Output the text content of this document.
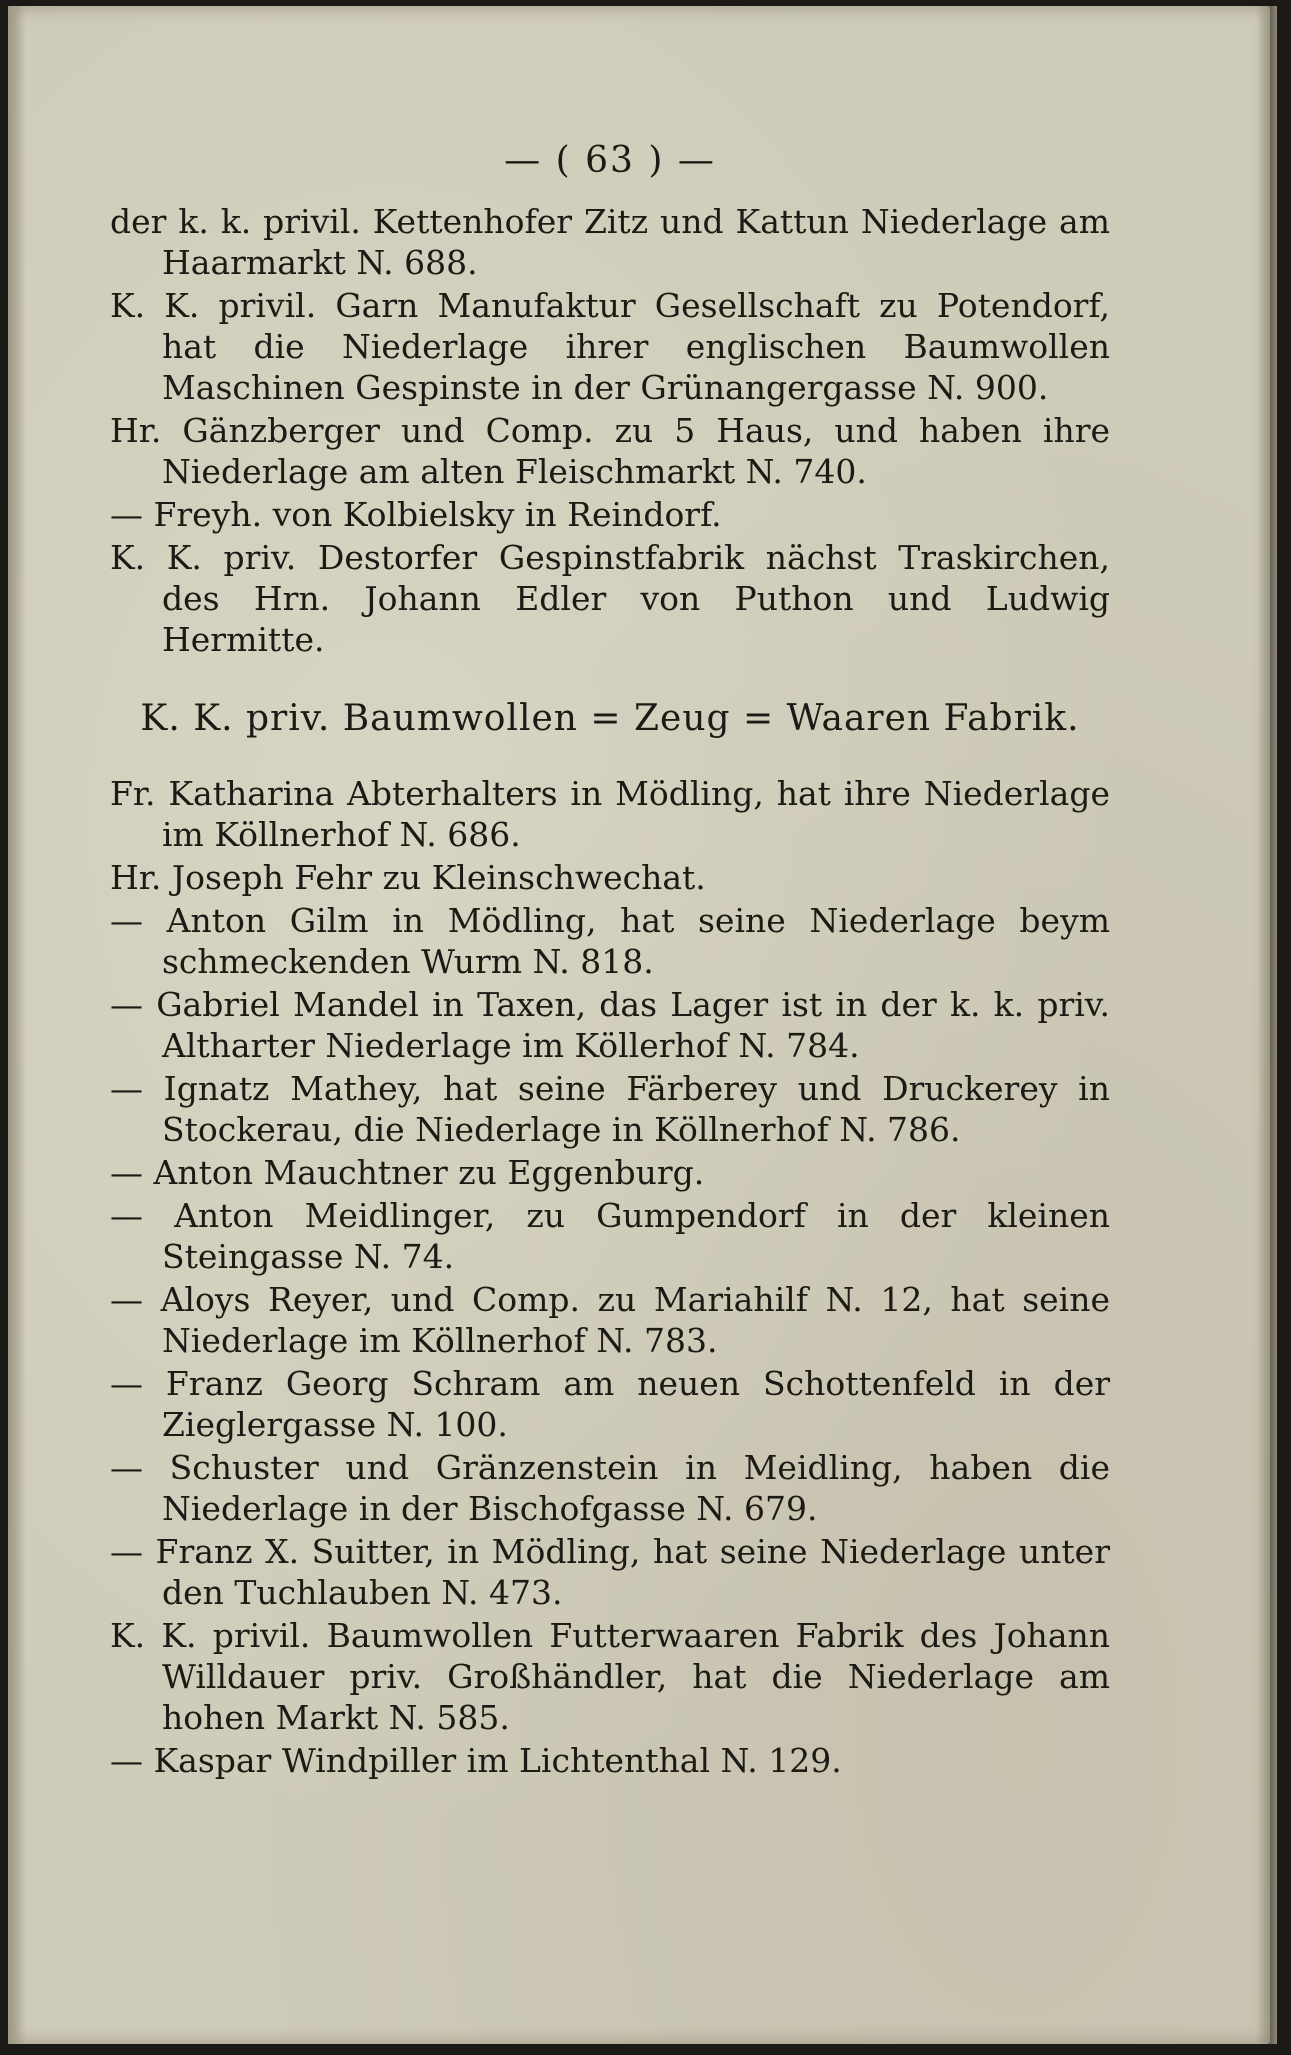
— ( 63 ) —

der k. k. privil. Kettenhofer Zitz und Kattun Niederlage am Haarmarkt N. 688.

K. K. privil. Garn Manufaktur Gesellschaft zu Potendorf, hat die Niederlage ihrer englischen Baumwollen Maschinen Gespinste in der Grünangergasse N. 900.

Hr. Gänzberger und Comp. zu 5 Haus, und haben ihre Niederlage am alten Fleischmarkt N. 740.

— Freyh. von Kolbielsky in Reindorf.

K. K. priv. Destorfer Gespinstfabrik nächst Traskirchen, des Hrn. Johann Edler von Puthon und Ludwig Hermitte.

K. K. priv. Baumwollen = Zeug = Waaren Fabrik.

Fr. Katharina Abterhalters in Mödling, hat ihre Niederlage im Köllnerhof N. 686.

Hr. Joseph Fehr zu Kleinschwechat.

— Anton Gilm in Mödling, hat seine Niederlage beym schmeckenden Wurm N. 818.

— Gabriel Mandel in Taxen, das Lager ist in der k. k. priv. Altharter Niederlage im Köllerhof N. 784.

— Ignatz Mathey, hat seine Färberey und Druckerey in Stockerau, die Niederlage in Köllnerhof N. 786.

— Anton Mauchtner zu Eggenburg.

— Anton Meidlinger, zu Gumpendorf in der kleinen Steingasse N. 74.

— Aloys Reyer, und Comp. zu Mariahilf N. 12, hat seine Niederlage im Köllnerhof N. 783.

— Franz Georg Schram am neuen Schottenfeld in der Zieglergasse N. 100.

— Schuster und Gränzenstein in Meidling, haben die Niederlage in der Bischofgasse N. 679.

— Franz X. Suitter, in Mödling, hat seine Niederlage unter den Tuchlauben N. 473.

K. K. privil. Baumwollen Futterwaaren Fabrik des Johann Willdauer priv. Großhändler, hat die Niederlage am hohen Markt N. 585.

— Kaspar Windpiller im Lichtenthal N. 129.
